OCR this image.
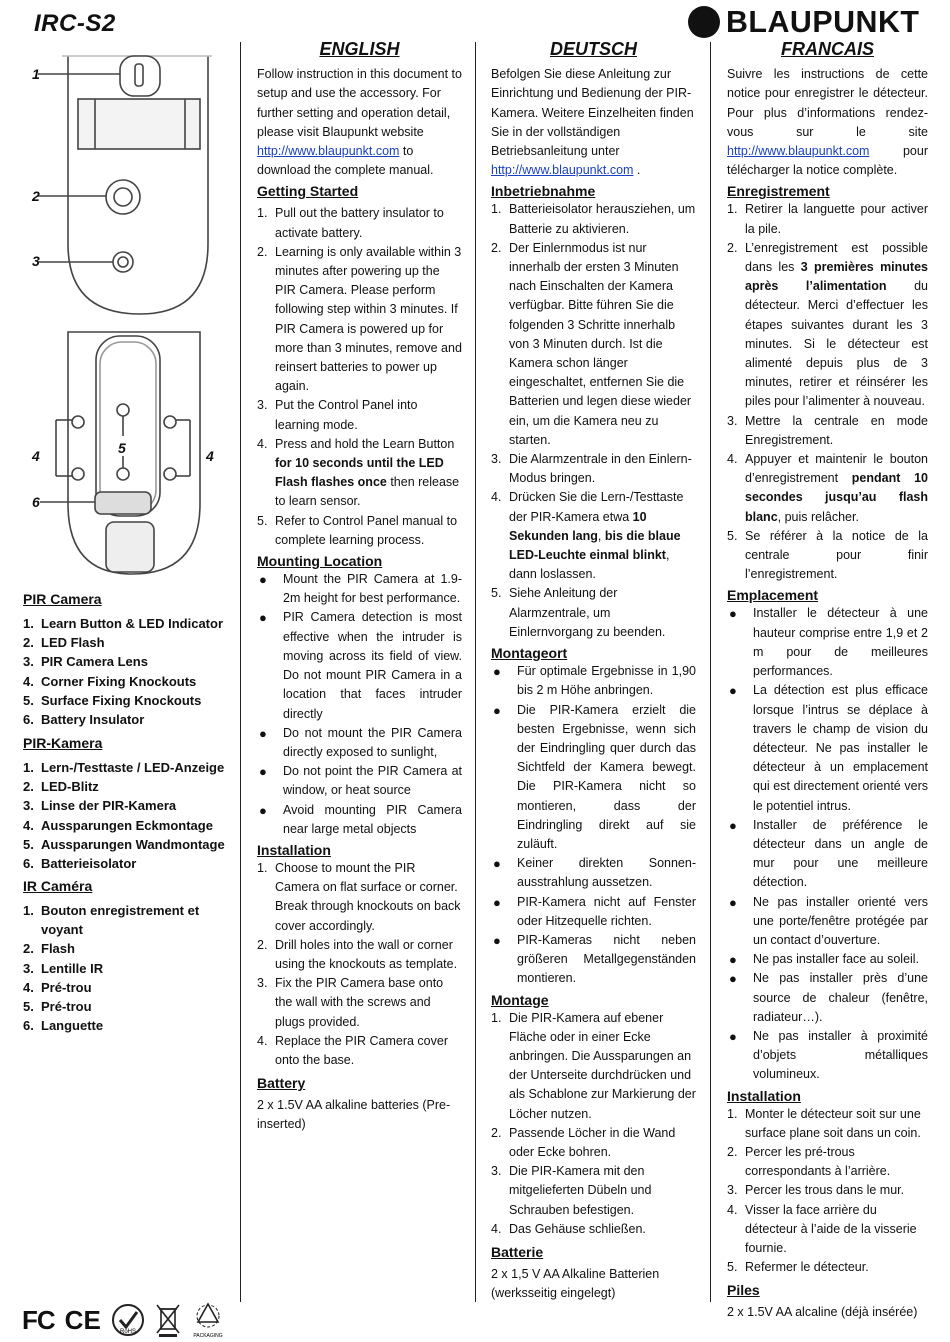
IRC-S2	BLAUPUNKT
1
2
3
4	5	4
6
PIR Camera
1. Learn Button & LED Indicator
2. LED Flash
3. PIR Camera Lens
4. Corner Fixing Knockouts
5. Surface Fixing Knockouts
6. Battery Insulator
PIR-Kamera
1. Lern-/Testtaste / LED-Anzeige
2. LED-Blitz
3. Linse der PIR-Kamera
4. Aussparungen Eckmontage
5. Aussparungen Wandmontage
6. Batterieisolator
IR Caméra
1. Bouton enregistrement et voyant
2. Flash
3. Lentille IR
4. Pré-trou
5. Pré-trou
6. Languette
ENGLISH

Follow instruction in this document to setup and use the accessory. For further setting and operation detail, please visit Blaupunkt website http://www.blaupunkt.com to download the complete manual.

Getting Started
1. Pull out the battery insulator to activate battery.
2. Learning is only available within 3 minutes after powering up the PIR Camera. Please perform following step within 3 minutes. If PIR Camera is powered up for more than 3 minutes, remove and reinsert batteries to power up again.
3. Put the Control Panel into learning mode.
4. Press and hold the Learn Button for 10 seconds until the LED Flash flashes once then release to learn sensor.
5. Refer to Control Panel manual to complete learning process.
Mounting Location
● Mount the PIR Camera at 1.9-2m height for best performance.
● PIR Camera detection is most effective when the intruder is moving across its field of view. Do not mount PIR Camera in a location that faces intruder directly
● Do not mount the PIR Camera directly exposed to sunlight,
● Do not point the PIR Camera at window, or heat source
● Avoid mounting PIR Camera near large metal objects
Installation
1. Choose to mount the PIR Camera on flat surface or corner. Break through knockouts on back cover accordingly.
2. Drill holes into the wall or corner using the knockouts as template.
3. Fix the PIR Camera base onto the wall with the screws and plugs provided.
4. Replace the PIR Camera cover onto the base.
Battery

2 x 1.5V AA alkaline batteries (Pre-inserted)

DEUTSCH

Befolgen Sie diese Anleitung zur Einrichtung und Bedienung der PIR-Kamera. Weitere Einzelheiten finden Sie in der vollständigen Betriebsanleitung unter http://www.blaupunkt.com .

Inbetriebnahme
1. Batterieisolator herausziehen, um Batterie zu aktivieren.
2. Der Einlernmodus ist nur innerhalb der ersten 3 Minuten nach Einschalten der Kamera verfügbar. Bitte führen Sie die folgenden 3 Schritte innerhalb von 3 Minuten durch. Ist die Kamera schon länger eingeschaltet, entfernen Sie die Batterien und legen diese wieder ein, um die Kamera neu zu starten.
3. Die Alarmzentrale in den Einlern-Modus bringen.
4. Drücken Sie die Lern-/Testtaste der PIR-Kamera etwa 10 Sekunden lang, bis die blaue LED-Leuchte einmal blinkt, dann loslassen.
5. Siehe Anleitung der Alarmzentrale, um Einlernvorgang zu beenden.
Montageort
● Für optimale Ergebnisse in 1,90 bis 2 m Höhe anbringen.
● Die PIR-Kamera erzielt die besten Ergebnisse, wenn sich der Eindringling quer durch das Sichtfeld der Kamera bewegt. Die PIR-Kamera nicht so montieren, dass der Eindringling direkt auf sie zuläuft.
● Keiner direkten Sonnen-ausstrahlung aussetzen.
● PIR-Kamera nicht auf Fenster oder Hitzequelle richten.
● PIR-Kameras nicht neben größeren Metallgegenständen montieren.
Montage
1. Die PIR-Kamera auf ebener Fläche oder in einer Ecke anbringen. Die Aussparungen an der Unterseite durchdrücken und als Schablone zur Markierung der Löcher nutzen.
2. Passende Löcher in die Wand oder Ecke bohren.
3. Die PIR-Kamera mit den mitgelieferten Dübeln und Schrauben befestigen.
4. Das Gehäuse schließen.
Batterie

2 x 1,5 V AA Alkaline Batterien (werksseitig eingelegt)

FRANCAIS

Suivre les instructions de cette notice pour enregistrer le détecteur. Pour plus d’informations rendez-vous sur le site http://www.blaupunkt.com pour télécharger la notice complète.

Enregistrement
1. Retirer la languette pour activer la pile.
2. L’enregistrement est possible dans les 3 premières minutes après l’alimentation du détecteur. Merci d’effectuer les étapes suivantes durant les 3 minutes. Si le détecteur est alimenté depuis plus de 3 minutes, retirer et réinsérer les piles pour l’alimenter à nouveau.
3. Mettre la centrale en mode Enregistrement.
4. Appuyer et maintenir le bouton d’enregistrement pendant 10 secondes jusqu’au flash blanc, puis relâcher.
5. Se référer à la notice de la centrale pour finir l’enregistrement.
Emplacement
● Installer le détecteur à une hauteur comprise entre 1,9 et 2 m pour de meilleures performances.
● La détection est plus efficace lorsque l’intrus se déplace à travers le champ de vision du détecteur. Ne pas installer le détecteur à un emplacement qui est directement orienté vers le potentiel intrus.
● Installer de préférence le détecteur dans un angle de mur pour une meilleure détection.
● Ne pas installer orienté vers une porte/fenêtre protégée par un contact d’ouverture.
● Ne pas installer face au soleil.
● Ne pas installer près d’une source de chaleur (fenêtre, radiateur…).
● Ne pas installer à proximité d’objets métalliques volumineux.
Installation
1. Monter le détecteur soit sur une surface plane soit dans un coin.
2. Percer les pré-trous correspondants à l’arrière.
3. Percer les trous dans le mur.
4. Visser la face arrière du détecteur à l’aide de la visserie fournie.
5. Refermer le détecteur.
Piles

2 x 1.5V AA alcaline (déjà insérée)

FC CE	RoHS
PACKAGING
